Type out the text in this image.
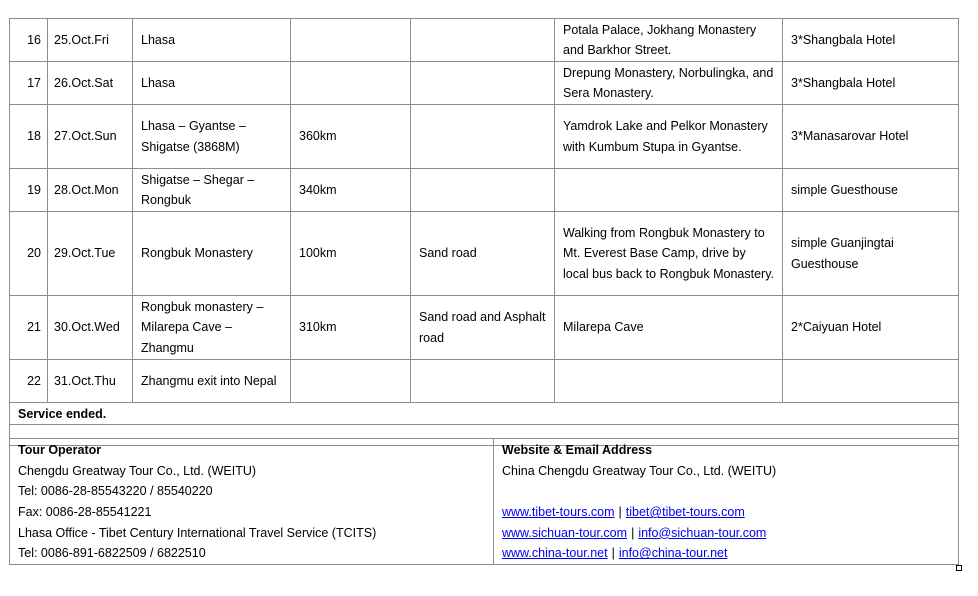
16	25.Oct.Fri	Lhasa			Potala Palace, Jokhang Monastery and Barkhor Street.	3*Shangbala Hotel
17	26.Oct.Sat	Lhasa			Drepung Monastery, Norbulingka, and Sera Monastery.	3*Shangbala Hotel
18	27.Oct.Sun	Lhasa – Gyantse – Shigatse (3868M)	360km		Yamdrok Lake and Pelkor Monastery with Kumbum Stupa in Gyantse.	3*Manasarovar Hotel
19	28.Oct.Mon	Shigatse – Shegar – Rongbuk	340km			simple Guesthouse
20	29.Oct.Tue	Rongbuk Monastery	100km	Sand road	Walking from Rongbuk Monastery to Mt. Everest Base Camp, drive by local bus back to Rongbuk Monastery.	simple Guanjingtai Guesthouse
21	30.Oct.Wed	Rongbuk monastery – Milarepa Cave – Zhangmu	310km	Sand road and Asphalt road	Milarepa Cave	2*Caiyuan Hotel
22	31.Oct.Thu	Zhangmu exit into Nepal				
Service ended.						

Tour Operator
Chengdu Greatway Tour Co., Ltd. (WEITU)
Tel: 0086-28-85543220 / 85540220
Fax: 0086-28-85541221
Lhasa Office - Tibet Century International Travel Service (TCITS)
Tel: 0086-891-6822509 / 6822510

Website & Email Address
China Chengdu Greatway Tour Co., Ltd. (WEITU)
www.tibet-tours.com | tibet@tibet-tours.com
www.sichuan-tour.com | info@sichuan-tour.com
www.china-tour.net | info@china-tour.net
